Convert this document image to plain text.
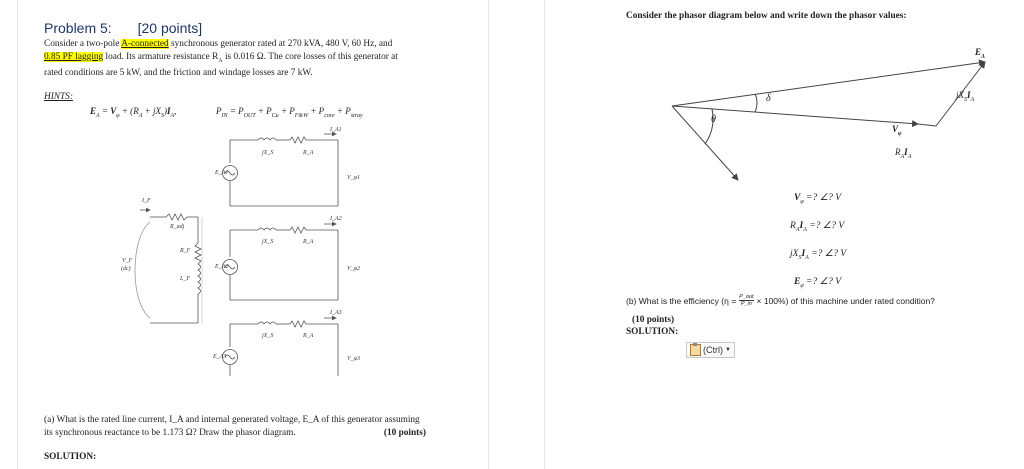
Problem 5: [20 points]
Consider a two-pole A-connected synchronous generator rated at 270 kVA, 480 V, 60 Hz, and
0.85 PF lagging load. Its armature resistance $R_A$ is 0.016 Ω. The core losses of this generator at
rated conditions are 5 kW, and the friction and windage losses are 7 kW.
HINTS:
$E_A = V_\varphi + (R_A + jX_S)I_A$,	$P_{IN} = P_{OUT} + P_{Cu} + P_{F\&W} + P_{core} + P_{stray}$
E_A1
E_A2
E_A3
I_A1
I_A2
I_A3
V_φ1
V_φ2
V_φ3
jX_S
jX_S
jX_S
R_A
R_A
R_A
I_F
R_adj
R_F
L_F
V_F
(dc)
(a) What is the rated line current, I_A and internal generated voltage, E_A of this generator assuming
its synchronous reactance to be 1.173 Ω? Draw the phasor diagram.	(10 points)
SOLUTION:
Consider the phasor diagram below and write down the phasor values:
δ
θ
$E_A$
$jX_SI_A$
$V_\varphi$
$R_AI_A$
$V_\varphi$ =? ∠? V
$R_AI_A$ =? ∠? V
$jX_SI_A$ =? ∠? V
$E_\varphi$ =? ∠? V
(b) What is the efficiency (η = P_out
P_in × 100%) of this machine under rated condition?
(10 points)
SOLUTION:
(Ctrl) ▼
